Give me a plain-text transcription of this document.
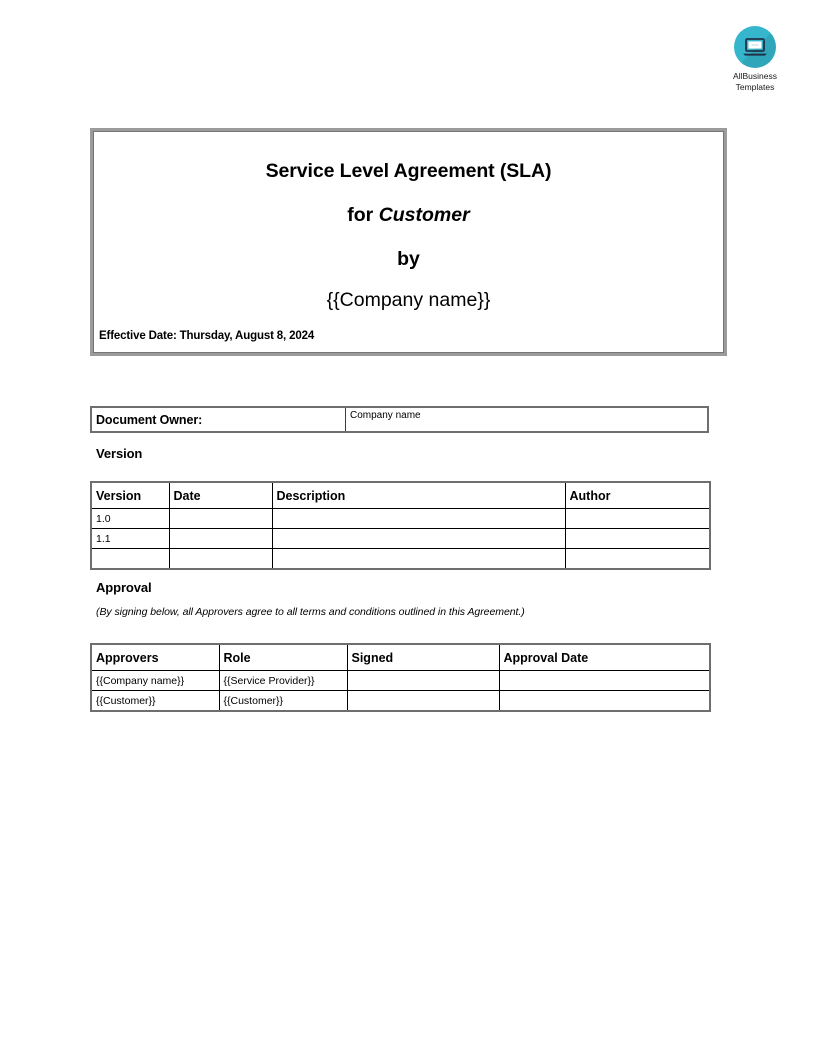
AllBusiness
Templates
Service Level Agreement (SLA)
for Customer
by
{{Company name}}
Effective Date: Thursday, August 8, 2024
Document Owner:	Company name
Version
Version	Date	Description	Author
1.0			
1.1			

Approval
(By signing below, all Approvers agree to all terms and conditions outlined in this Agreement.)
Approvers	Role	Signed	Approval Date
{{Company name}}	{{Service Provider}}		
{{Customer}}	{{Customer}}		
